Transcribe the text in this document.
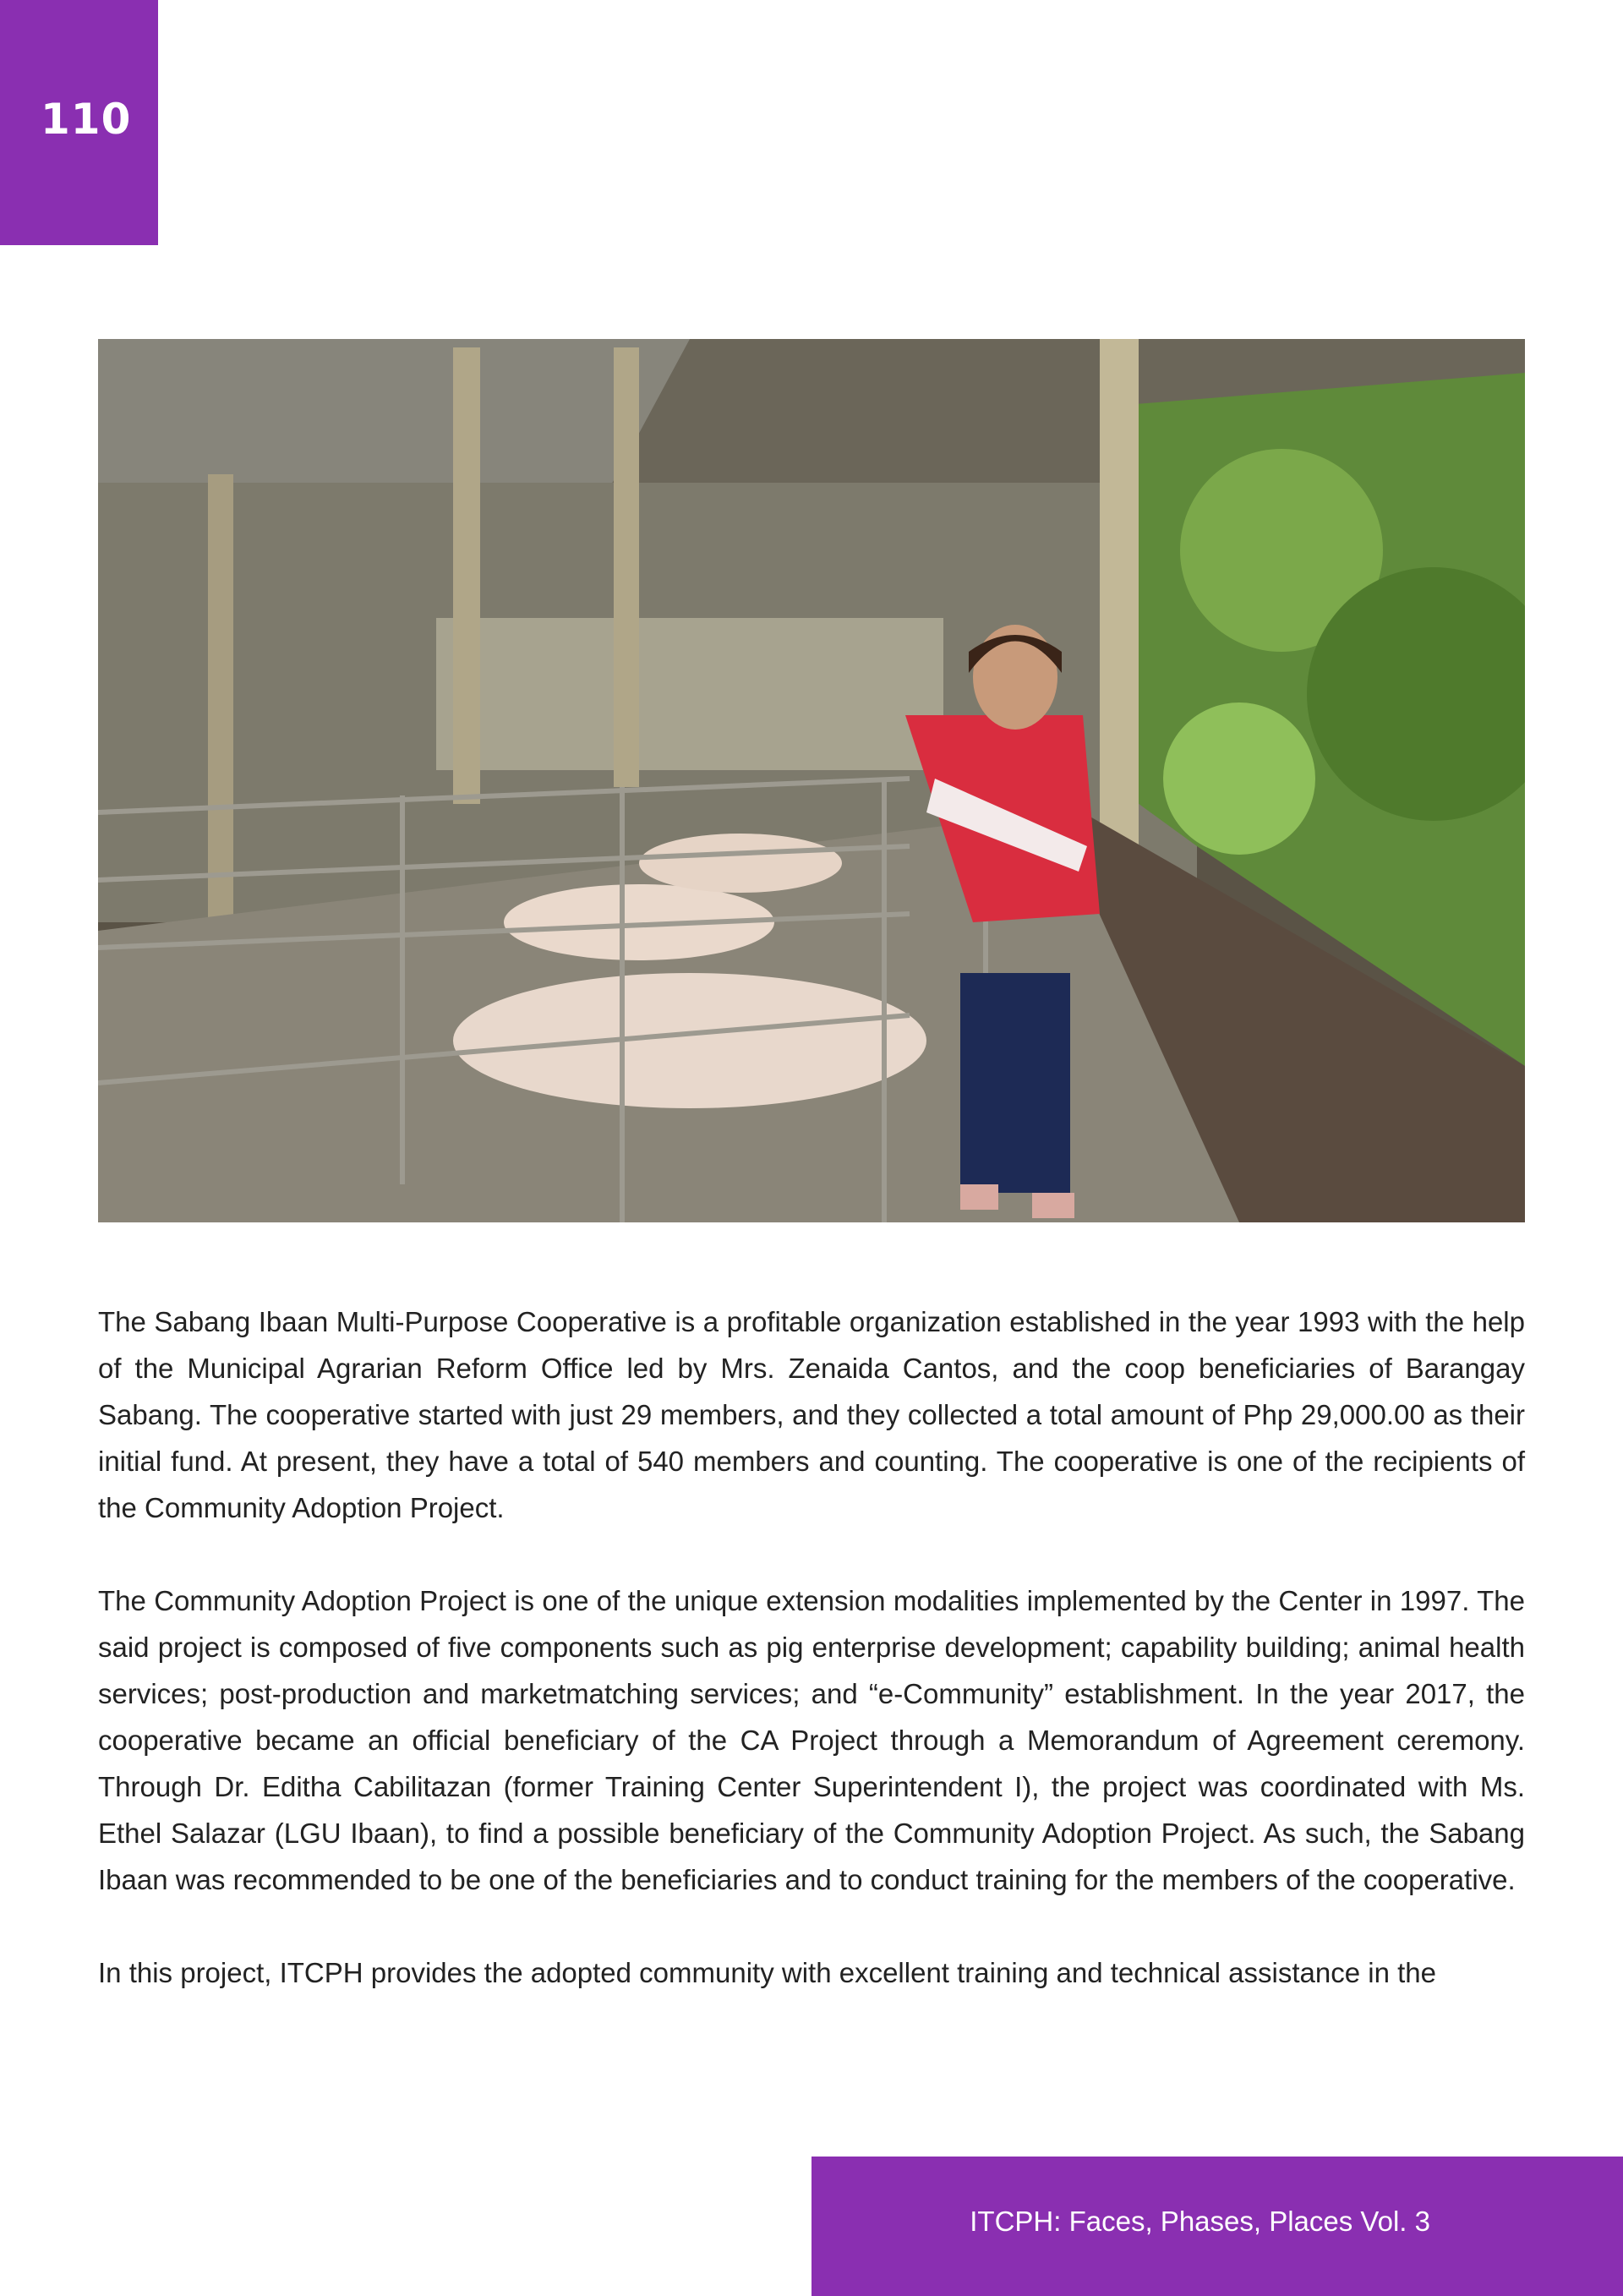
110

The Sabang Ibaan Multi-Purpose Cooperative is a profitable organization established in the year 1993 with the help of the Municipal Agrarian Reform Office led by Mrs. Zenaida Cantos, and the coop beneficiaries of Barangay Sabang. The cooperative started with just 29 members, and they collected a total amount of Php 29,000.00 as their initial fund. At present, they have a total of 540 members and counting. The cooperative is one of the recipients of the Community Adoption Project.

The Community Adoption Project is one of the unique extension modalities implemented by the Center in 1997. The said project is composed of five components such as pig enterprise development; capability building; animal health services; post-production and marketmatching services; and “e-Community” establishment. In the year 2017, the cooperative became an official beneficiary of the CA Project through a Memorandum of Agreement ceremony. Through Dr. Editha Cabilitazan (former Training Center Superintendent I), the project was coordinated with Ms. Ethel Salazar (LGU Ibaan), to find a possible beneficiary of the Community Adoption Project. As such, the Sabang Ibaan was recommended to be one of the beneficiaries and to conduct training for the members of the cooperative.

In this project, ITCPH provides the adopted community with excellent training and technical assistance in the

ITCPH: Faces, Phases, Places Vol. 3
